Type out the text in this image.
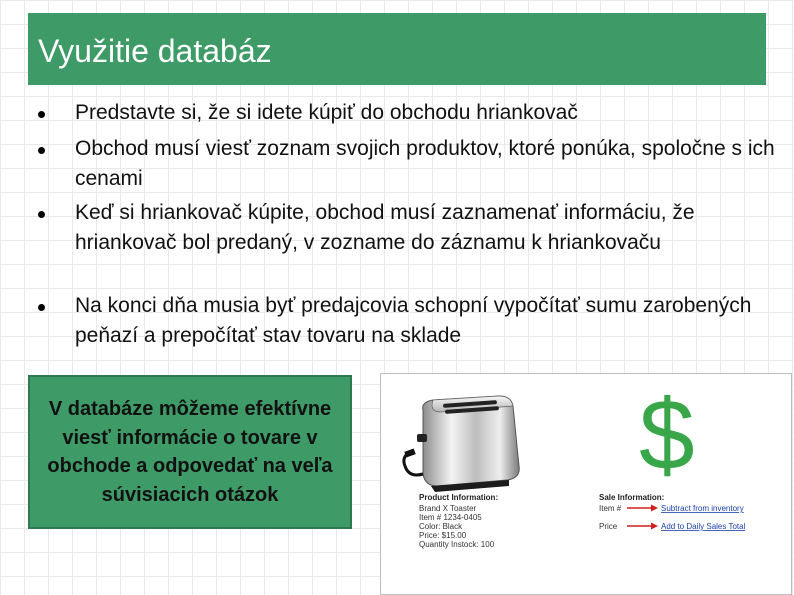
Využitie databáz
Predstavte si, že si idete kúpiť do obchodu hriankovač
Obchod musí viesť zoznam svojich produktov, ktoré ponúka, spoločne s ich cenami
Keď si hriankovač kúpite, obchod musí zaznamenať informáciu, že hriankovač bol predaný, v zozname do záznamu k hriankovaču
Na konci dňa musia byť predajcovia schopní vypočítať sumu zarobených peňazí a prepočítať stav tovaru na sklade
V databáze môžeme efektívne viesť informácie o tovare v obchode a odpovedať na veľa súvisiacich otázok
$
Product Information:
Brand X Toaster
Item # 1234-0405
Color: Black
Price: $15.00
Quantity Instock: 100
Sale Information:
Item #	Subtract from inventory
Price	Add to Daily Sales Total
